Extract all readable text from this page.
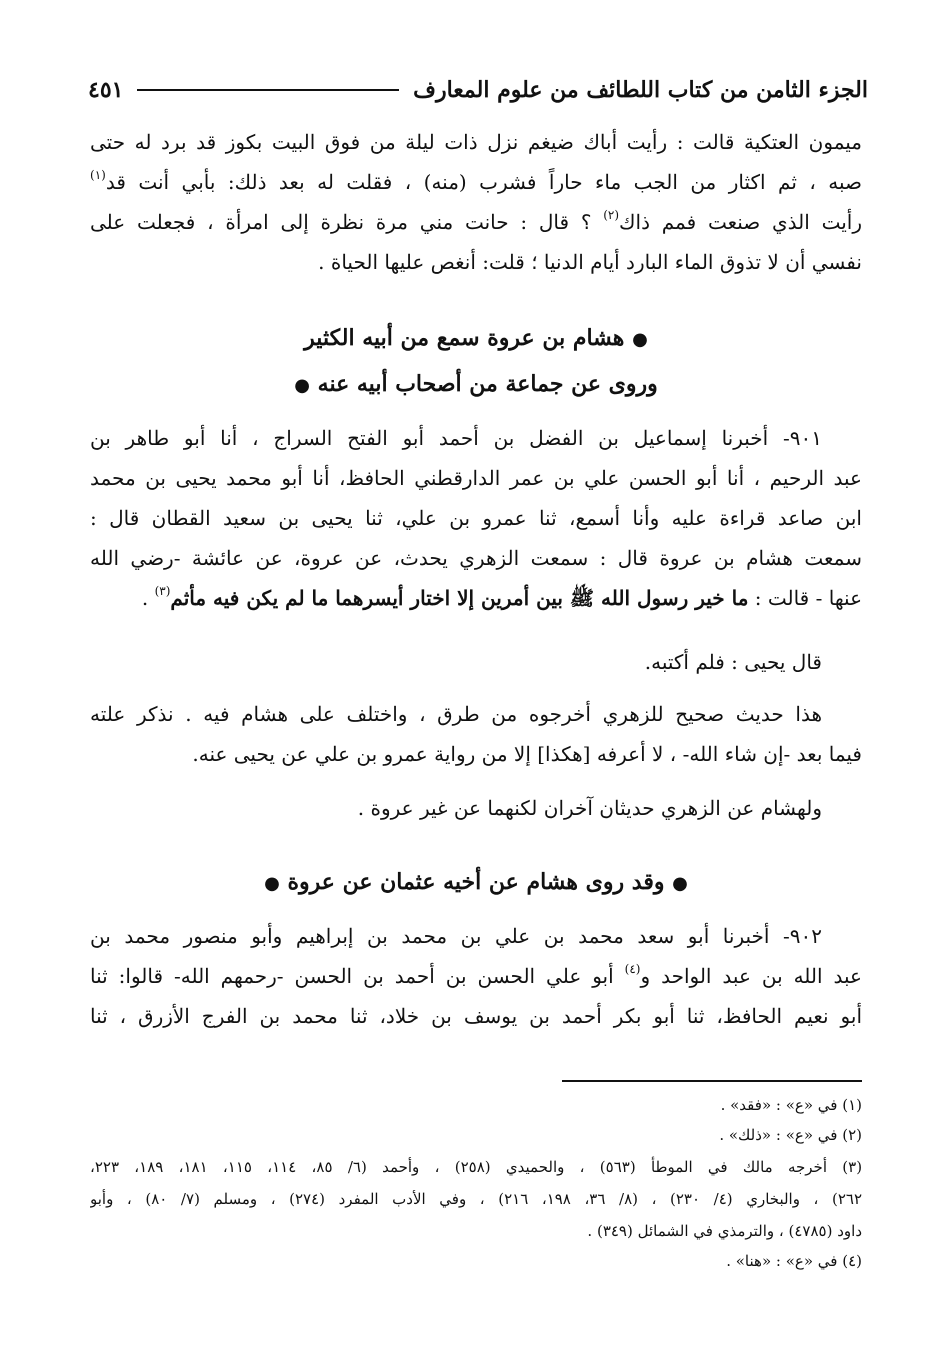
الجزء الثامن من كتاب اللطائف من علوم المعارف
٤٥١
ميمون العتكية قالت : رأيت أباك ضيغم نزل ذات ليلة من فوق البيت بكوز قد برد له حتى
صبه ، ثم اكثار من الجب ماء حاراً فشرب (منه) ، فقلت له بعد ذلك: بأبي أنت قد$^{(١)}$
رأيت الذي صنعت فمم ذاك$^{(٢)}$ ؟ قال : حانت مني مرة نظرة إلى امرأة ، فجعلت على
نفسي أن لا تذوق الماء البارد أيام الدنيا ؛ قلت: أنغص عليها الحياة .
● هشام بن عروة سمع من أبيه الكثير
وروى عن جماعة من أصحاب أبيه عنه ●
٩٠١- أخبرنا إسماعيل بن الفضل بن أحمد أبو الفتح السراج ، أنا أبو طاهر بن
عبد الرحيم ، أنا أبو الحسن علي بن عمر الدارقطني الحافظ، أنا أبو محمد يحيى بن محمد
ابن صاعد قراءة عليه وأنا أسمع، ثنا عمرو بن علي، ثنا يحيى بن سعيد القطان قال :
سمعت هشام بن عروة قال : سمعت الزهري يحدث، عن عروة، عن عائشة -رضي الله
عنها - قالت : ما خير رسول الله ﷺ بين أمرين إلا اختار أيسرهما ما لم يكن فيه مأثم$^{(٣)}$ .
قال يحيى : فلم أكتبه.
هذا حديث صحيح للزهري أخرجوه من طرق ، واختلف على هشام فيه . نذكر علته
فيما بعد -إن شاء الله- ، لا أعرفه [هكذا] إلا من رواية عمرو بن علي عن يحيى عنه.
ولهشام عن الزهري حديثان آخران لكنهما عن غير عروة .
● وقد روى هشام عن أخيه عثمان عن عروة ●
٩٠٢- أخبرنا أبو سعد محمد بن علي بن محمد بن إبراهيم وأبو منصور محمد بن
عبد الله بن عبد الواحد و$^{(٤)}$ أبو علي الحسن بن أحمد بن الحسن -رحمهم الله- قالوا: ثنا
أبو نعيم الحافظ، ثنا أبو بكر أحمد بن يوسف بن خلاد، ثنا محمد بن الفرج الأزرق ، ثنا
(١) في «ع» : «فقد» .
(٢) في «ع» : «ذلك» .
(٣) أخرجه مالك في الموطأ (٥٦٣) ، والحميدي (٢٥٨) ، وأحمد (٦/ ٨٥، ١١٤، ١١٥، ١٨١، ١٨٩، ٢٢٣،
٢٦٢) ، والبخاري (٤/ ٢٣٠) ، (٨/ ٣٦، ١٩٨، ٢١٦) ، وفي الأدب المفرد (٢٧٤) ، ومسلم (٧/ ٨٠) ، وأبو
داود (٤٧٨٥) ، والترمذي في الشمائل (٣٤٩) .
(٤) في «ع» : «هنا» .
